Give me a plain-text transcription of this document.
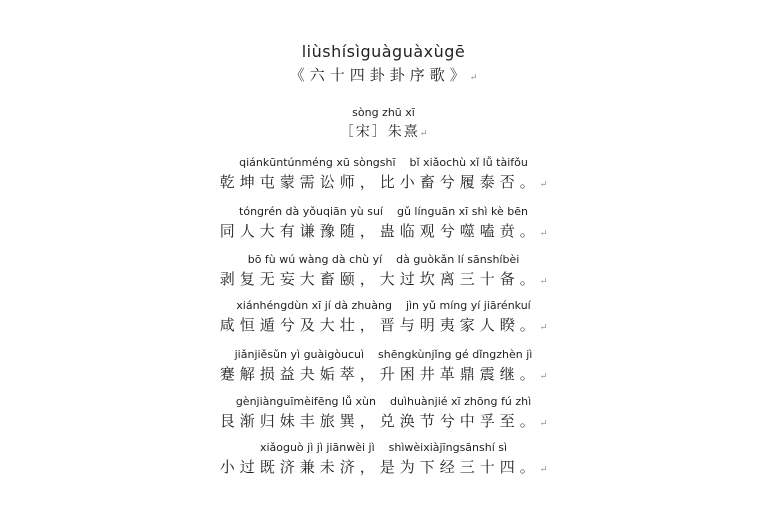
liùshísìguàguàxùgē
《六十四卦卦序歌》↵
sòng zhū xī
［宋］朱熹↵
qiánkūntúnméng xū sòngshī    bǐ xiǎochù xǐ lǚ tàifǒu
乾坤屯蒙需讼师，比小畜兮履泰否。↵
tóngrén dà yǒuqiān yù suí    gǔ línguān xī shì kè bēn
同人大有谦豫随，蛊临观兮噬嗑贲。↵
bō fù wú wàng dà chù yí    dà guòkǎn lí sānshíbèi
剥复无妄大畜颐，大过坎离三十备。↵
xiánhéngdùn xī jí dà zhuàng    jìn yǔ míng yí jiārénkuí
咸恒遁兮及大壮，晋与明夷家人睽。↵
jiǎnjiěsǔn yì guàigòucuì    shēngkùnjǐng gé dǐngzhèn jì
蹇解损益夬姤萃，升困井革鼎震继。↵
gènjiànguīmèifēng lǚ xùn    duìhuànjié xī zhōng fú zhì
艮渐归妹丰旅巽，兑涣节兮中孚至。↵
xiǎoguò jì jì jiānwèi jì    shìwèixiàjīngsānshí sì
小过既济兼未济，是为下经三十四。↵
